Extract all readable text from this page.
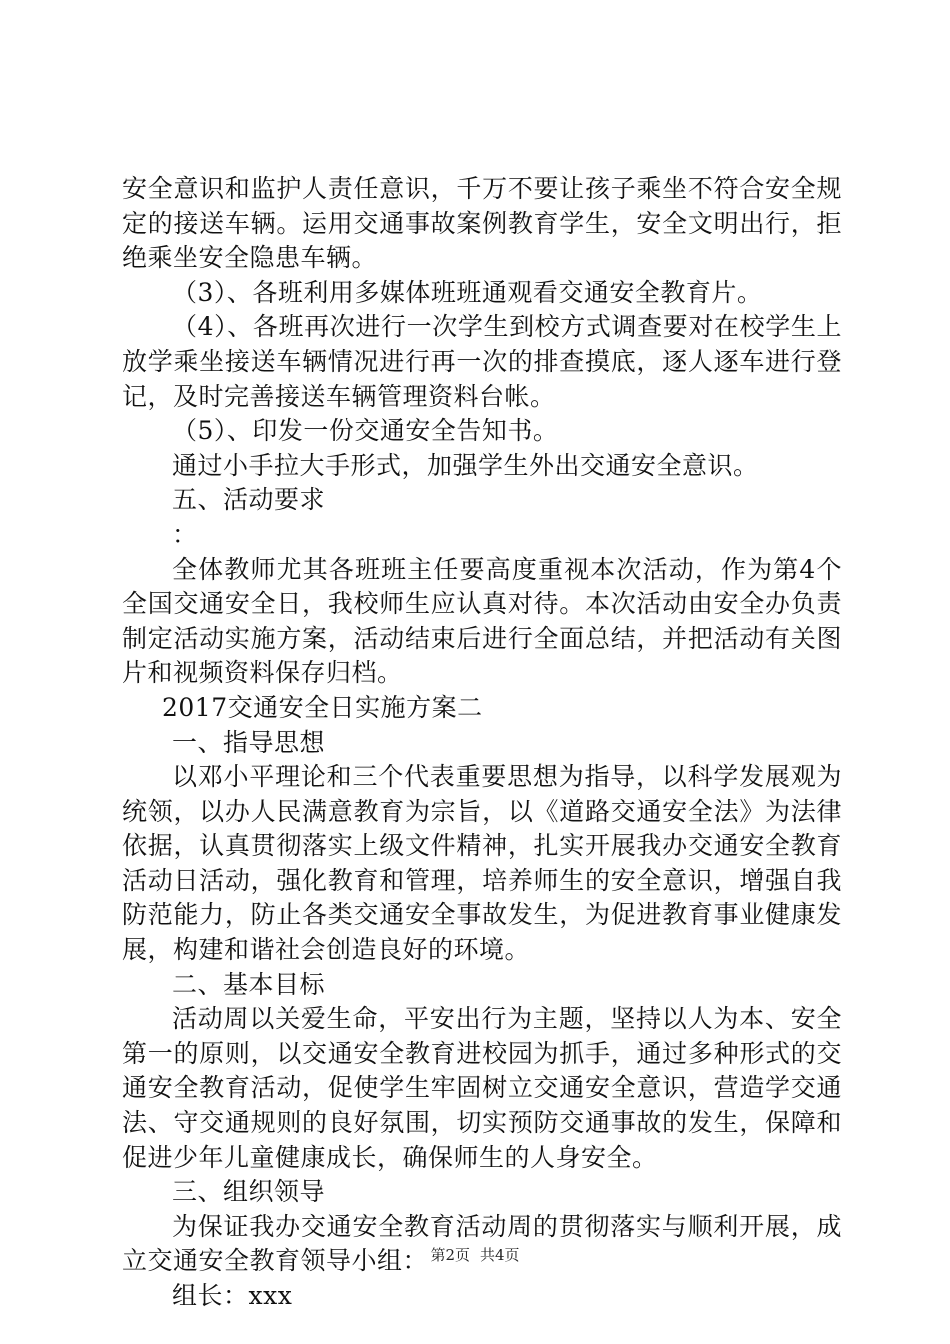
安全意识和监护人责任意识，千万不要让孩子乘坐不符合安全规定的接送车辆。运用交通事故案例教育学生，安全文明出行，拒绝乘坐安全隐患车辆。

（3）、各班利用多媒体班班通观看交通安全教育片。

（4）、各班再次进行一次学生到校方式调查要对在校学生上放学乘坐接送车辆情况进行再一次的排查摸底，逐人逐车进行登记，及时完善接送车辆管理资料台帐。

（5）、印发一份交通安全告知书。

通过小手拉大手形式，加强学生外出交通安全意识。

五、活动要求

：

全体教师尤其各班班主任要高度重视本次活动，作为第4个全国交通安全日，我校师生应认真对待。本次活动由安全办负责制定活动实施方案，活动结束后进行全面总结，并把活动有关图片和视频资料保存归档。

2017交通安全日实施方案二

一、指导思想

以邓小平理论和三个代表重要思想为指导，以科学发展观为统领，以办人民满意教育为宗旨，以《道路交通安全法》为法律依据，认真贯彻落实上级文件精神，扎实开展我办交通安全教育活动日活动，强化教育和管理，培养师生的安全意识，增强自我防范能力，防止各类交通安全事故发生，为促进教育事业健康发展，构建和谐社会创造良好的环境。

二、基本目标

活动周以关爱生命，平安出行为主题，坚持以人为本、安全第一的原则，以交通安全教育进校园为抓手，通过多种形式的交通安全教育活动，促使学生牢固树立交通安全意识，营造学交通法、守交通规则的良好氛围，切实预防交通事故的发生，保障和促进少年儿童健康成长，确保师生的人身安全。

三、组织领导

为保证我办交通安全教育活动周的贯彻落实与顺利开展，成立交通安全教育领导小组：

组长：xxx

第2页 共4页
